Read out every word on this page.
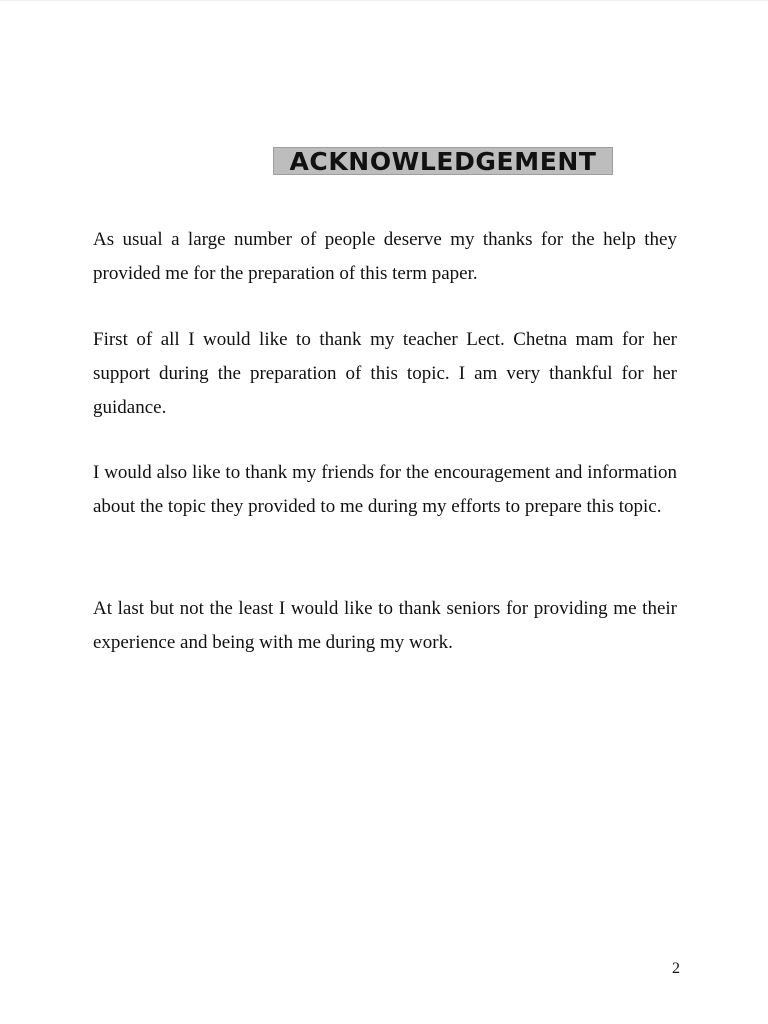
ACKNOWLEDGEMENT

As usual a large number of people deserve my thanks for the help they provided me for the preparation of this term paper.

First of all I would like to thank my teacher Lect. Chetna mam for her support during the preparation of this topic. I am very thankful for her guidance.

I would also like to thank my friends for the encouragement and information about the topic they provided to me during my efforts to prepare this topic.

At last but not the least I would like to thank seniors for providing me their experience and being with me during my work.

2
